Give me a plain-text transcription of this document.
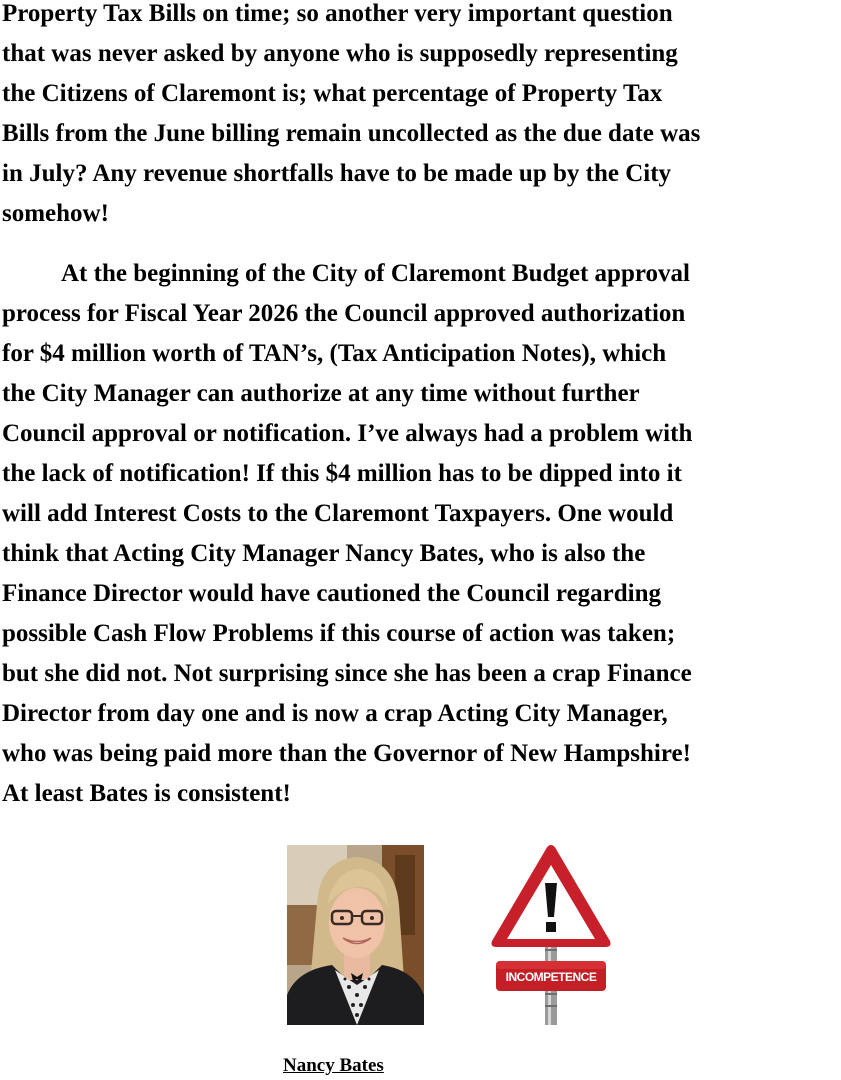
Property Tax Bills on time; so another very important question
that was never asked by anyone who is supposedly representing
the Citizens of Claremont is; what percentage of Property Tax
Bills from the June billing remain uncollected as the due date was
in July? Any revenue shortfalls have to be made up by the City
somehow!

At the beginning of the City of Claremont Budget approval
process for Fiscal Year 2026 the Council approved authorization
for $4 million worth of TAN’s, (Tax Anticipation Notes), which
the City Manager can authorize at any time without further
Council approval or notification. I’ve always had a problem with
the lack of notification! If this $4 million has to be dipped into it
will add Interest Costs to the Claremont Taxpayers. One would
think that Acting City Manager Nancy Bates, who is also the
Finance Director would have cautioned the Council regarding
possible Cash Flow Problems if this course of action was taken;
but she did not. Not surprising since she has been a crap Finance
Director from day one and is now a crap Acting City Manager,
who was being paid more than the Governor of New Hampshire!
At least Bates is consistent!

INCOMPETENCE
Nancy Bates
